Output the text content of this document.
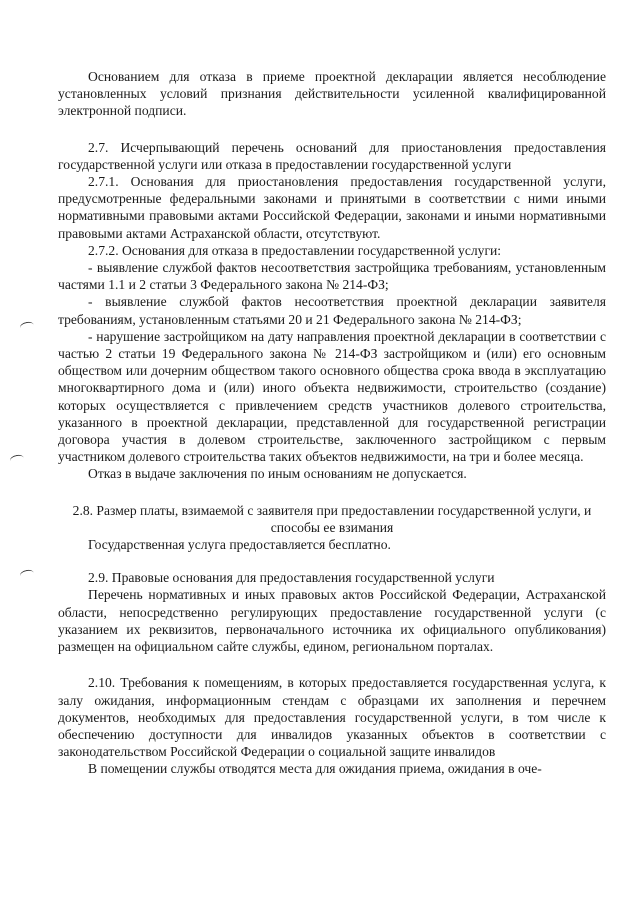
Основанием для отказа в приеме проектной декларации является несоблюдение установленных условий признания действительности усиленной квалифицированной электронной подписи.

2.7. Исчерпывающий перечень оснований для приостановления предоставления государственной услуги или отказа в предоставлении государственной услуги

2.7.1. Основания для приостановления предоставления государственной услуги, предусмотренные федеральными законами и принятыми в соответствии с ними иными нормативными правовыми актами Российской Федерации, законами и иными нормативными правовыми актами Астраханской области, отсутствуют.

2.7.2. Основания для отказа в предоставлении государственной услуги:

- выявление службой фактов несоответствия застройщика требованиям, установленным частями 1.1 и 2 статьи 3 Федерального закона № 214-ФЗ;

- выявление службой фактов несоответствия проектной декларации заявителя требованиям, установленным статьями 20 и 21 Федерального закона № 214-ФЗ;

- нарушение застройщиком на дату направления проектной декларации в соответствии с частью 2 статьи 19 Федерального закона № 214-ФЗ застройщиком и (или) его основным обществом или дочерним обществом такого основного общества срока ввода в эксплуатацию многоквартирного дома и (или) иного объекта недвижимости, строительство (создание) которых осуществляется с привлечением средств участников долевого строительства, указанного в проектной декларации, представленной для государственной регистрации договора участия в долевом строительстве, заключенного застройщиком с первым участником долевого строительства таких объектов недвижимости, на три и более месяца.

Отказ в выдаче заключения по иным основаниям не допускается.

2.8. Размер платы, взимаемой с заявителя при предоставлении государственной услуги, и способы ее взимания

Государственная услуга предоставляется бесплатно.

2.9. Правовые основания для предоставления государственной услуги

Перечень нормативных и иных правовых актов Российской Федерации, Астраханской области, непосредственно регулирующих предоставление государственной услуги (с указанием их реквизитов, первоначального источника их официального опубликования) размещен на официальном сайте службы, едином, региональном порталах.

2.10. Требования к помещениям, в которых предоставляется государственная услуга, к залу ожидания, информационным стендам с образцами их заполнения и перечнем документов, необходимых для предоставления государственной услуги, в том числе к обеспечению доступности для инвалидов указанных объектов в соответствии с законодательством Российской Федерации о социальной защите инвалидов

В помещении службы отводятся места для ожидания приема, ожидания в оче-
